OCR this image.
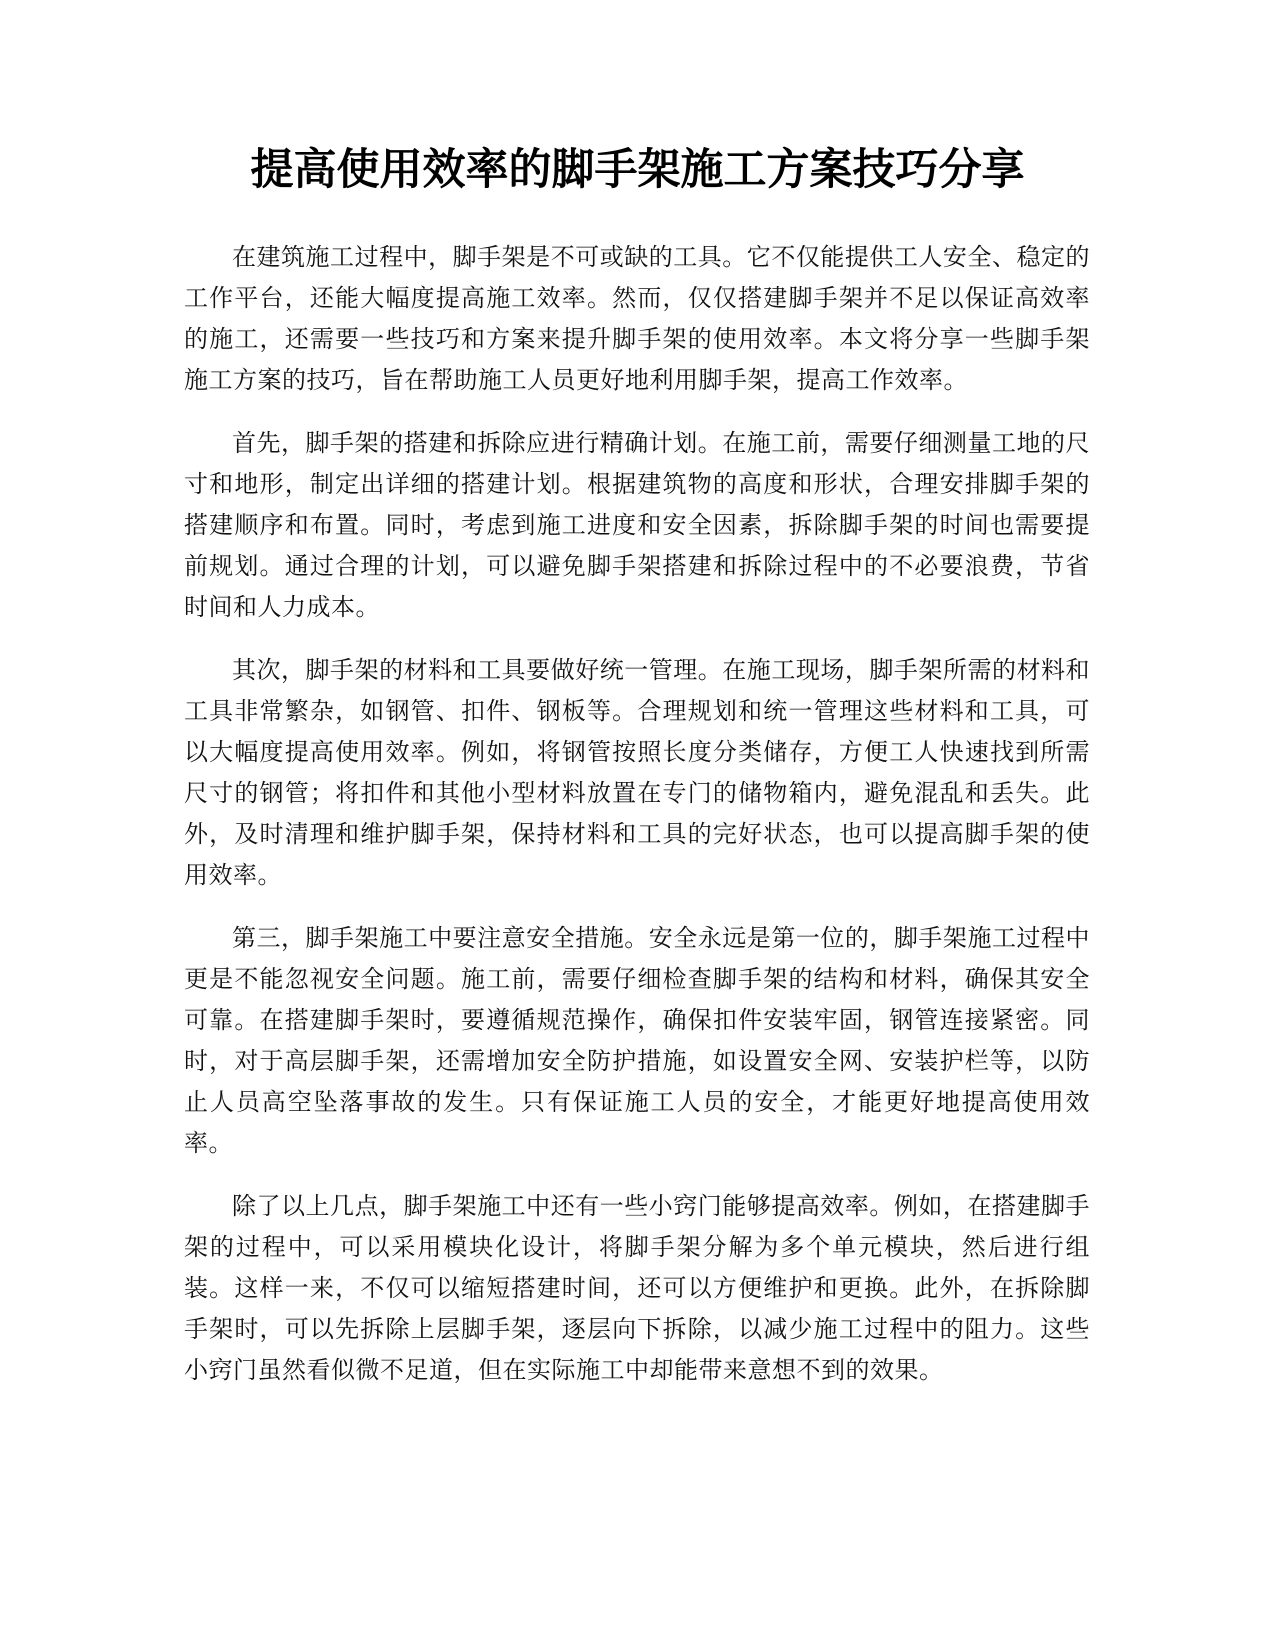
提高使用效率的脚手架施工方案技巧分享

在建筑施工过程中，脚手架是不可或缺的工具。它不仅能提供工人安全、稳定的工作平台，还能大幅度提高施工效率。然而，仅仅搭建脚手架并不足以保证高效率的施工，还需要一些技巧和方案来提升脚手架的使用效率。本文将分享一些脚手架施工方案的技巧，旨在帮助施工人员更好地利用脚手架，提高工作效率。

首先，脚手架的搭建和拆除应进行精确计划。在施工前，需要仔细测量工地的尺寸和地形，制定出详细的搭建计划。根据建筑物的高度和形状，合理安排脚手架的搭建顺序和布置。同时，考虑到施工进度和安全因素，拆除脚手架的时间也需要提前规划。通过合理的计划，可以避免脚手架搭建和拆除过程中的不必要浪费，节省时间和人力成本。

其次，脚手架的材料和工具要做好统一管理。在施工现场，脚手架所需的材料和工具非常繁杂，如钢管、扣件、钢板等。合理规划和统一管理这些材料和工具，可以大幅度提高使用效率。例如，将钢管按照长度分类储存，方便工人快速找到所需尺寸的钢管；将扣件和其他小型材料放置在专门的储物箱内，避免混乱和丢失。此外，及时清理和维护脚手架，保持材料和工具的完好状态，也可以提高脚手架的使用效率。

第三，脚手架施工中要注意安全措施。安全永远是第一位的，脚手架施工过程中更是不能忽视安全问题。施工前，需要仔细检查脚手架的结构和材料，确保其安全可靠。在搭建脚手架时，要遵循规范操作，确保扣件安装牢固，钢管连接紧密。同时，对于高层脚手架，还需增加安全防护措施，如设置安全网、安装护栏等，以防止人员高空坠落事故的发生。只有保证施工人员的安全，才能更好地提高使用效率。

除了以上几点，脚手架施工中还有一些小窍门能够提高效率。例如，在搭建脚手架的过程中，可以采用模块化设计，将脚手架分解为多个单元模块，然后进行组装。这样一来，不仅可以缩短搭建时间，还可以方便维护和更换。此外，在拆除脚手架时，可以先拆除上层脚手架，逐层向下拆除，以减少施工过程中的阻力。这些小窍门虽然看似微不足道，但在实际施工中却能带来意想不到的效果。
